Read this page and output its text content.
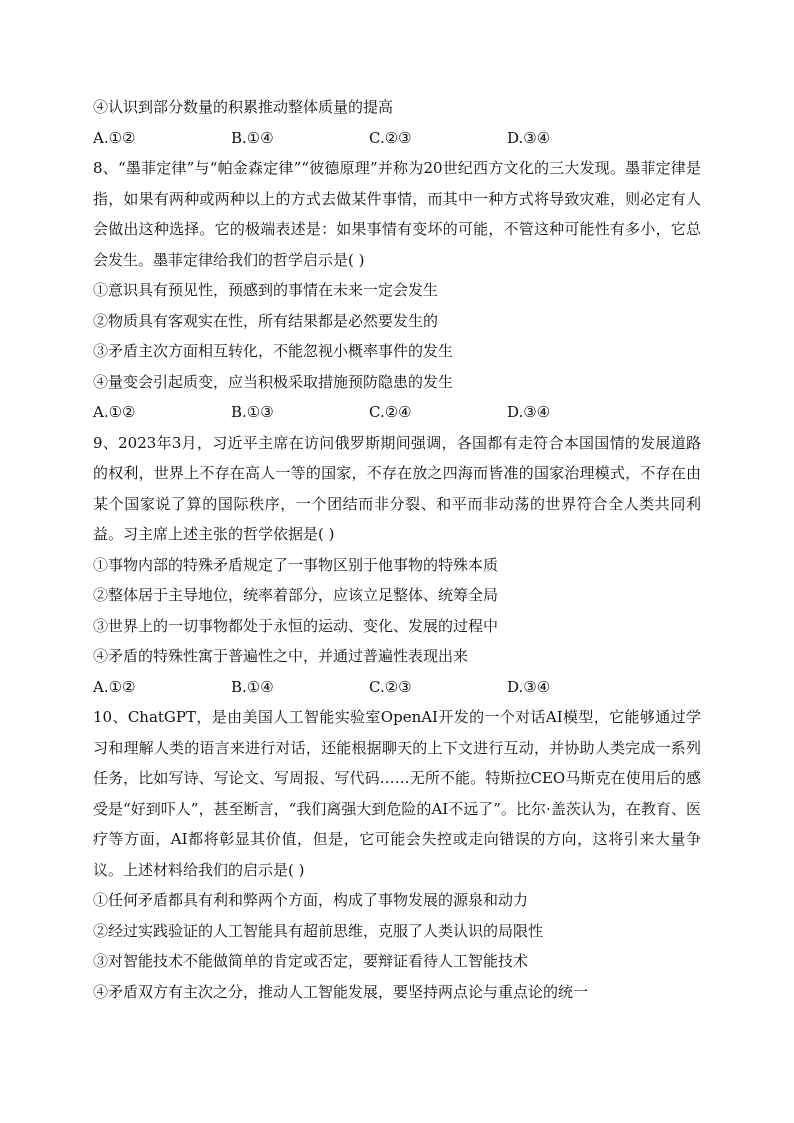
④认识到部分数量的积累推动整体质量的提高
A.①②	B.①④	C.②③	D.③④
8、“墨菲定律”与“帕金森定律”“彼德原理”并称为20世纪西方文化的三大发现。墨菲定律是指，如果有两种或两种以上的方式去做某件事情，而其中一种方式将导致灾难，则必定有人会做出这种选择。它的极端表述是：如果事情有变坏的可能，不管这种可能性有多小，它总会发生。墨菲定律给我们的哲学启示是( )
①意识具有预见性，预感到的事情在未来一定会发生
②物质具有客观实在性，所有结果都是必然要发生的
③矛盾主次方面相互转化，不能忽视小概率事件的发生
④量变会引起质变，应当积极采取措施预防隐患的发生
A.①②	B.①③	C.②④	D.③④
9、2023年3月，习近平主席在访问俄罗斯期间强调，各国都有走符合本国国情的发展道路的权利，世界上不存在高人一等的国家，不存在放之四海而皆准的国家治理模式，不存在由某个国家说了算的国际秩序，一个团结而非分裂、和平而非动荡的世界符合全人类共同利益。习主席上述主张的哲学依据是( )
①事物内部的特殊矛盾规定了一事物区别于他事物的特殊本质
②整体居于主导地位，统率着部分，应该立足整体、统筹全局
③世界上的一切事物都处于永恒的运动、变化、发展的过程中
④矛盾的特殊性寓于普遍性之中，并通过普遍性表现出来
A.①②	B.①④	C.②③	D.③④
10、ChatGPT，是由美国人工智能实验室OpenAI开发的一个对话AI模型，它能够通过学习和理解人类的语言来进行对话，还能根据聊天的上下文进行互动，并协助人类完成一系列任务，比如写诗、写论文、写周报、写代码……无所不能。特斯拉CEO马斯克在使用后的感受是“好到吓人”，甚至断言，“我们离强大到危险的AI不远了”。比尔·盖茨认为，在教育、医疗等方面，AI都将彰显其价值，但是，它可能会失控或走向错误的方向，这将引来大量争议。上述材料给我们的启示是( )
①任何矛盾都具有利和弊两个方面，构成了事物发展的源泉和动力
②经过实践验证的人工智能具有超前思维，克服了人类认识的局限性
③对智能技术不能做简单的肯定或否定，要辩证看待人工智能技术
④矛盾双方有主次之分，推动人工智能发展，要坚持两点论与重点论的统一
